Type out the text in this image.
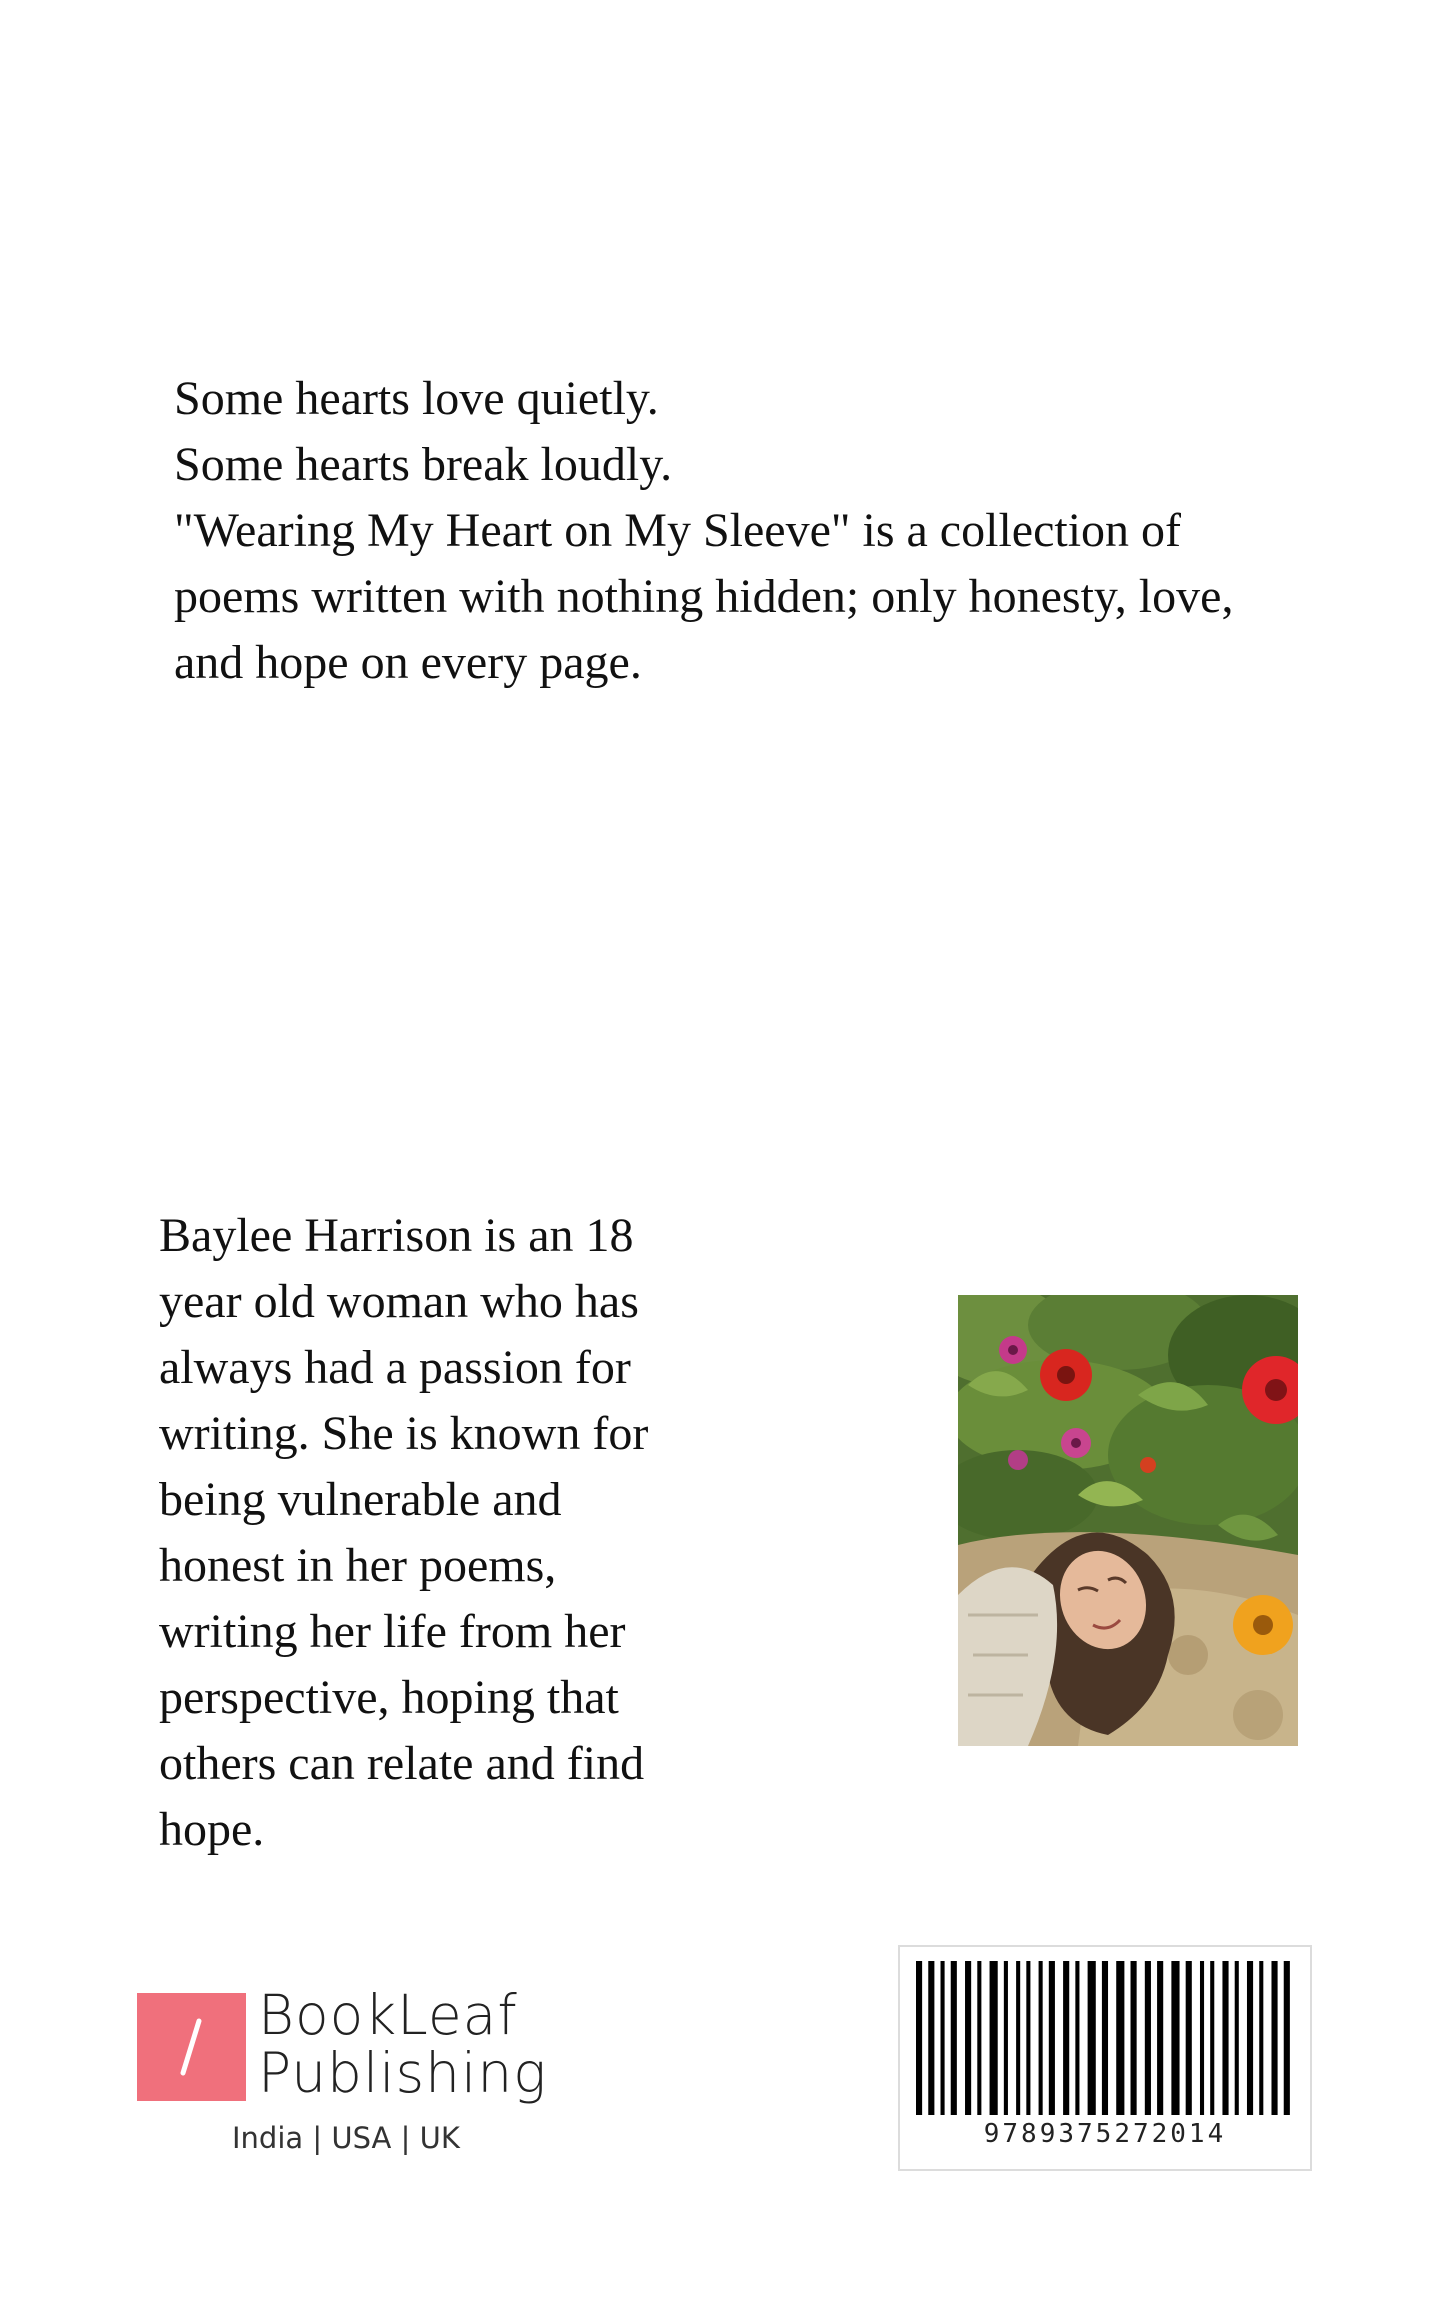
Some hearts love quietly.

Some hearts break loudly.

"Wearing My Heart on My Sleeve" is a collection of

poems written with nothing hidden; only honesty, love,

and hope on every page.

Baylee Harrison is an 18
year old woman who has
always had a passion for
writing. She is known for
being vulnerable and
honest in her poems,
writing her life from her
perspective, hoping that
others can relate and find
hope.
BookLeaf
Publishing
India | USA | UK	9789375272014
